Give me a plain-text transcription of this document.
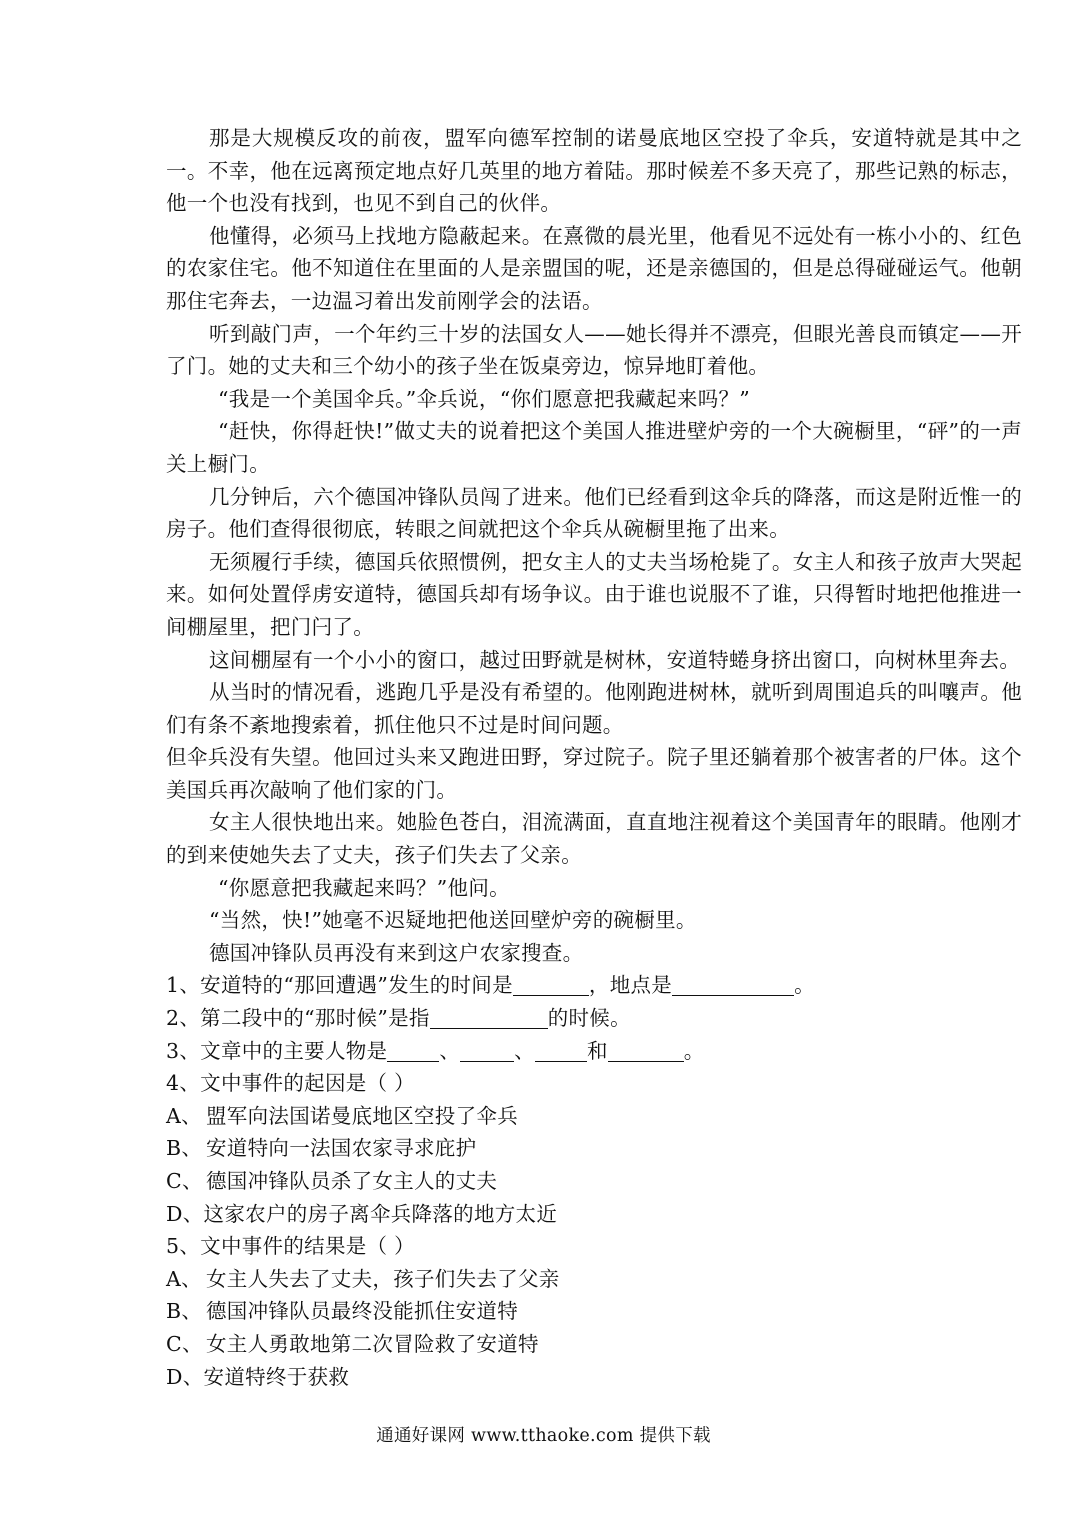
那是大规模反攻的前夜，盟军向德军控制的诺曼底地区空投了伞兵，安道特就是其中之一。不幸，他在远离预定地点好几英里的地方着陆。那时候差不多天亮了，那些记熟的标志，他一个也没有找到，也见不到自己的伙伴。

他懂得，必须马上找地方隐蔽起来。在熹微的晨光里，他看见不远处有一栋小小的、红色的农家住宅。他不知道住在里面的人是亲盟国的呢，还是亲德国的，但是总得碰碰运气。他朝那住宅奔去，一边温习着出发前刚学会的法语。

听到敲门声，一个年约三十岁的法国女人——她长得并不漂亮，但眼光善良而镇定——开了门。她的丈夫和三个幼小的孩子坐在饭桌旁边，惊异地盯着他。

“我是一个美国伞兵。”伞兵说，“你们愿意把我藏起来吗？”

“赶快，你得赶快!”做丈夫的说着把这个美国人推进壁炉旁的一个大碗橱里，“砰”的一声关上橱门。

几分钟后，六个德国冲锋队员闯了进来。他们已经看到这伞兵的降落，而这是附近惟一的房子。他们查得很彻底，转眼之间就把这个伞兵从碗橱里拖了出来。

无须履行手续，德国兵依照惯例，把女主人的丈夫当场枪毙了。女主人和孩子放声大哭起来。如何处置俘虏安道特，德国兵却有场争议。由于谁也说服不了谁，只得暂时地把他推进一间棚屋里，把门闩了。

这间棚屋有一个小小的窗口，越过田野就是树林，安道特蜷身挤出窗口，向树林里奔去。

从当时的情况看，逃跑几乎是没有希望的。他刚跑进树林，就听到周围追兵的叫嚷声。他们有条不紊地搜索着，抓住他只不过是时间问题。

但伞兵没有失望。他回过头来又跑进田野，穿过院子。院子里还躺着那个被害者的尸体。这个美国兵再次敲响了他们家的门。

女主人很快地出来。她脸色苍白，泪流满面，直直地注视着这个美国青年的眼睛。他刚才的到来使她失去了丈夫，孩子们失去了父亲。

“你愿意把我藏起来吗？”他问。

“当然，快!”她毫不迟疑地把他送回壁炉旁的碗橱里。

德国冲锋队员再没有来到这户农家搜查。

1、安道特的“那回遭遇”发生的时间是	，地点是	。
2、第二段中的“那时候”是指	的时候。
3、文章中的主要人物是	、	、	和	。
4、文中事件的起因是（ ）
A、 盟军向法国诺曼底地区空投了伞兵
B、 安道特向一法国农家寻求庇护
C、 德国冲锋队员杀了女主人的丈夫
D、这家农户的房子离伞兵降落的地方太近
5、文中事件的结果是（ ）
A、 女主人失去了丈夫，孩子们失去了父亲
B、 德国冲锋队员最终没能抓住安道特
C、 女主人勇敢地第二次冒险救了安道特
D、安道特终于获救
通通好课网 www.tthaoke.com 提供下载
